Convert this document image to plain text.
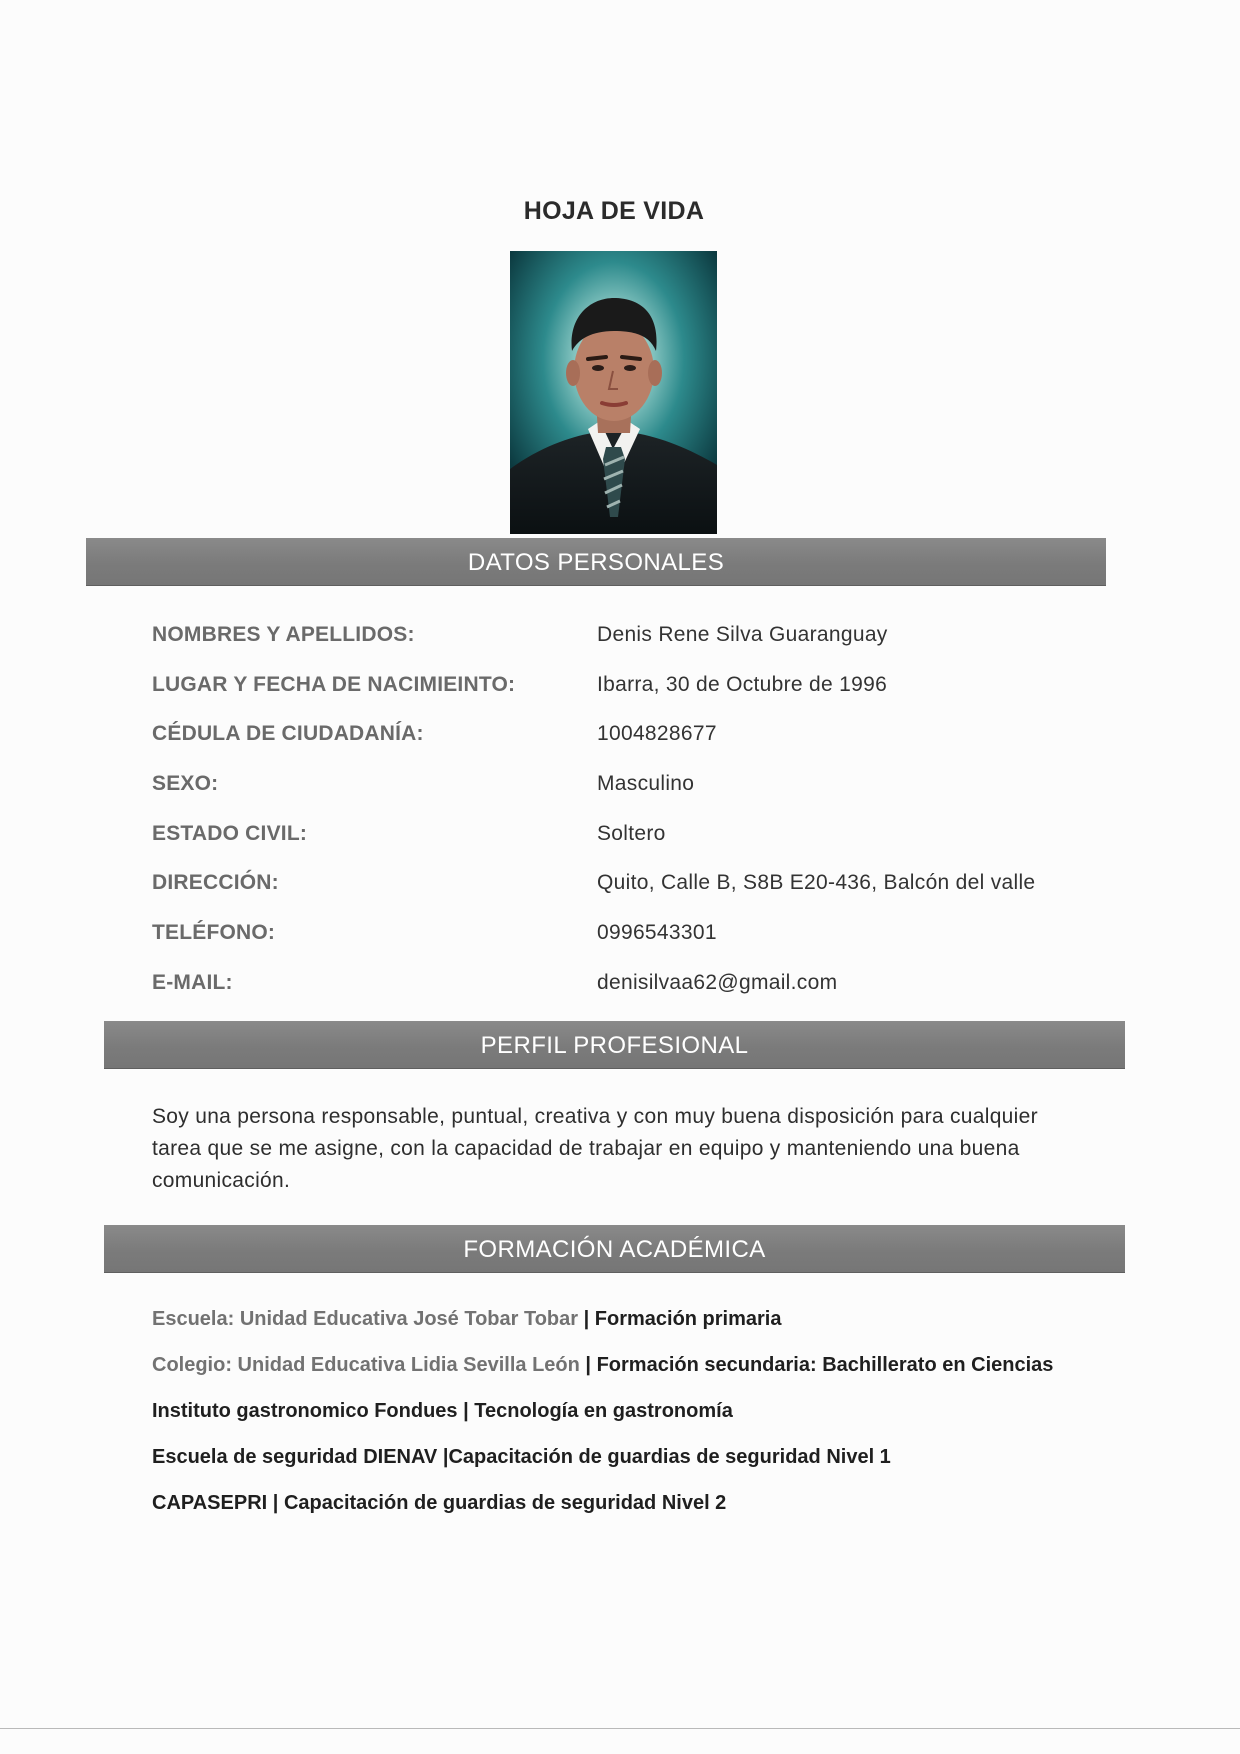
HOJA DE VIDA
DATOS PERSONALES
NOMBRES Y APELLIDOS:	Denis Rene Silva Guaranguay
LUGAR Y FECHA DE NACIMIEINTO:	Ibarra, 30 de Octubre de 1996
CÉDULA DE CIUDADANÍA:	1004828677
SEXO:	Masculino
ESTADO CIVIL:	Soltero
DIRECCIÓN:	Quito, Calle B, S8B E20-436, Balcón del valle
TELÉFONO:	0996543301
E-MAIL:	denisilvaa62@gmail.com
PERFIL PROFESIONAL

Soy una persona responsable, puntual, creativa y con muy buena disposición para cualquier tarea que se me asigne, con la capacidad de trabajar en equipo y manteniendo una buena comunicación.

FORMACIÓN ACADÉMICA
Escuela: Unidad Educativa José Tobar Tobar | Formación primaria
Colegio: Unidad Educativa Lidia Sevilla León | Formación secundaria: Bachillerato en Ciencias
Instituto gastronomico Fondues | Tecnología en gastronomía
Escuela de seguridad DIENAV |Capacitación de guardias de seguridad Nivel 1
CAPASEPRI | Capacitación de guardias de seguridad Nivel 2
